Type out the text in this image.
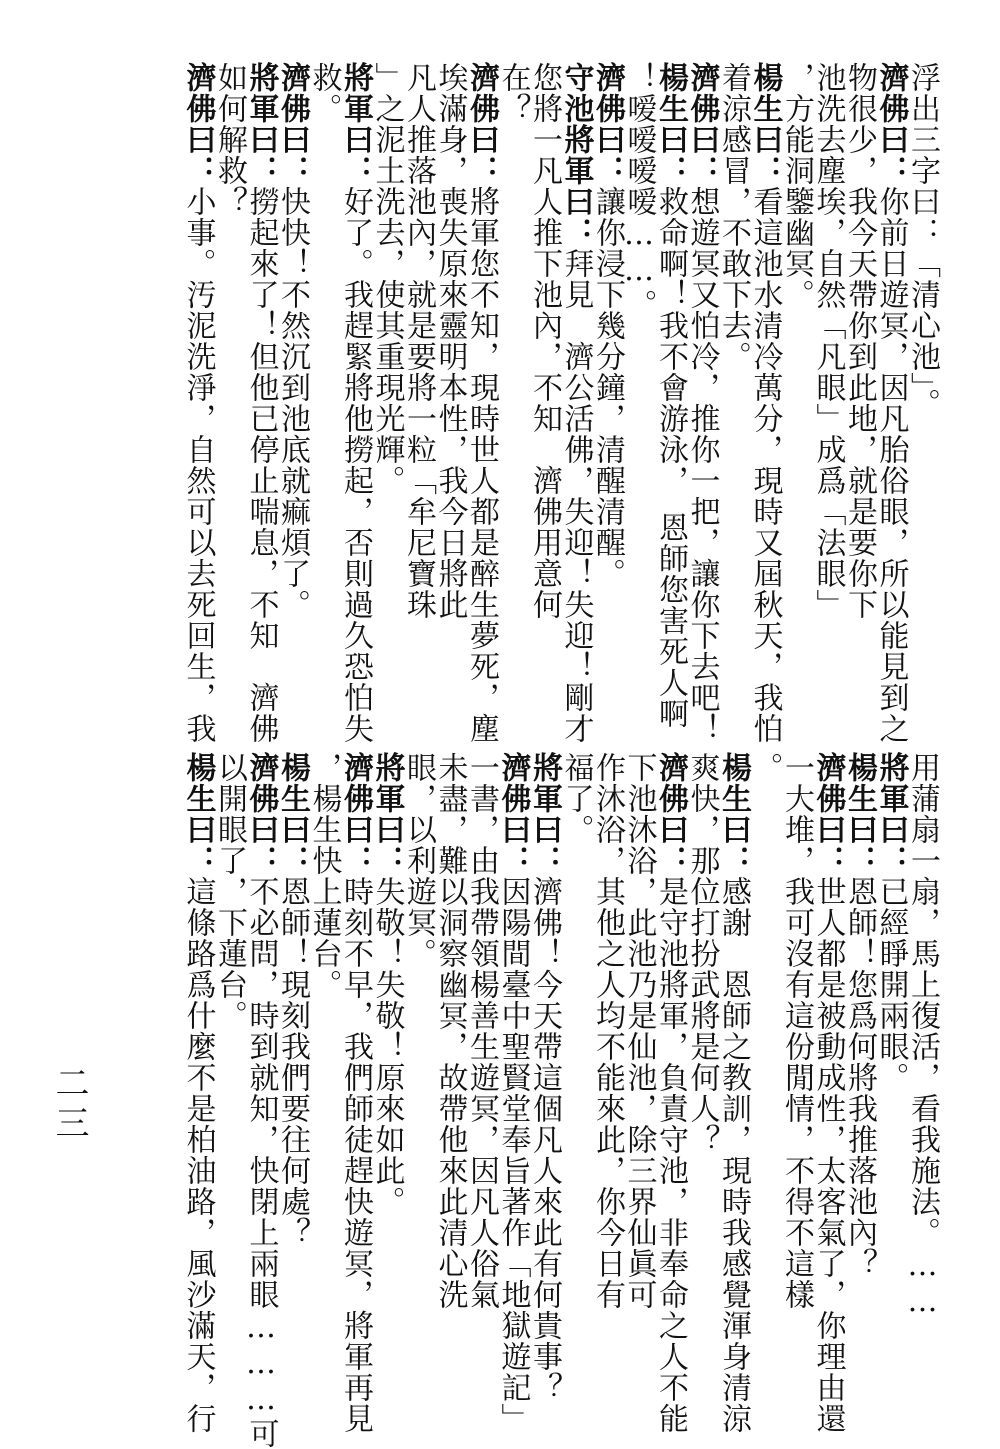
浮出三字曰：「清心池」。
濟佛曰：你前日遊冥，因凡胎俗眼，所以能見到之
物很少，我今天帶你到此地，就是要你下
池洗去塵埃，自然「凡眼」成爲「法眼」
，方能洞鑒幽冥。
楊生曰：看這池水清冷萬分，現時又屆秋天，我怕
着涼感冒，不敢下去。
濟佛曰：想遊冥又怕冷，推你一把，讓你下去吧！
楊生曰：救命啊！我不會游泳，　恩師您害死人啊
！嗳嗳嗳嗳……。
濟佛曰：讓你浸下幾分鐘，清醒清醒。
守池將軍曰：拜見　濟公活佛，失迎！失迎！剛才
您將一凡人推下池內，不知　濟佛用意何
在？
濟佛曰：將軍您不知，現時世人都是醉生夢死，塵
埃滿身，喪失原來靈明本性，我今日將此
凡人推落池內，就是要將一粒「牟尼寶珠
」之泥土洗去，使其重現光輝。
將軍曰：好了。我趕緊將他撈起，否則過久恐怕失
救。
濟佛曰：快快！不然沉到池底就痲煩了。
將軍曰：撈起來了！但他已停止喘息，不知　濟佛
如何解救？
濟佛曰：小事。汚泥洗淨，自然可以去死回生，我
用蒲扇一扇，馬上復活，看我施法。……
將軍曰：已經睜開兩眼。
楊生曰：恩師！您爲何將我推落池內？
濟佛曰：世人都是被動成性，太客氣了，你理由還
一大堆，我可沒有這份閒情，不得不這樣
。
楊生曰：感謝　恩師之教訓，現時我感覺渾身清涼
爽快，那位打扮武將是何人？
濟佛曰：是守池將軍，負責守池，非奉命之人不能
下池沐浴，此池乃是仙池，除三界仙眞可
作沐浴，其他之人均不能來此，你今日有
福了。
將軍曰：濟佛！今天帶這個凡人來此有何貴事？
濟佛曰：因陽間臺中聖賢堂奉旨著作「地獄遊記」
一書，由我帶領楊善生遊冥，因凡人俗氣
未盡，難以洞察幽冥，故帶他來此清心洗
眼，以利遊冥。
將軍曰：失敬！失敬！原來如此。
濟佛曰：時刻不早，我們師徒趕快遊冥，將軍再見
，楊生快上蓮台。
楊生曰：恩師！現刻我們要往何處？
濟佛曰：不必問，時到就知，快閉上兩眼………可
以開眼了，下蓮台。
楊生曰：這條路爲什麼不是柏油路，風沙滿天，行
二三
